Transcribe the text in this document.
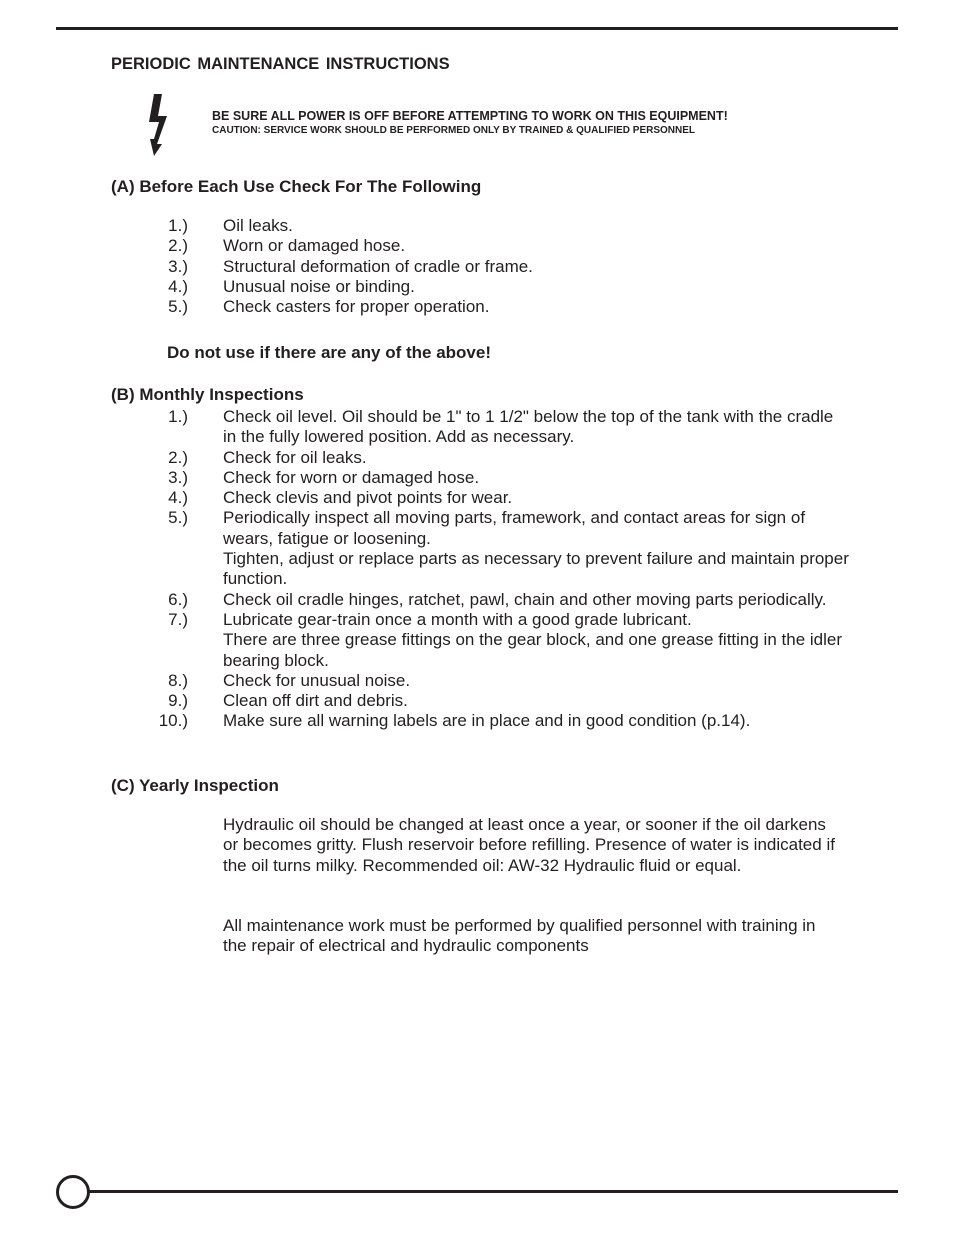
PERIODIC MAINTENANCE INSTRUCTIONS
BE SURE ALL POWER IS OFF BEFORE ATTEMPTING TO WORK ON THIS EQUIPMENT!
CAUTION: SERVICE WORK SHOULD BE PERFORMED ONLY BY TRAINED & QUALIFIED PERSONNEL
(A) Before Each Use Check For The Following
1.) Oil leaks.
2.) Worn or damaged hose.
3.) Structural deformation of cradle or frame.
4.) Unusual noise or binding.
5.) Check casters for proper operation.
Do not use if there are any of the above!
(B) Monthly Inspections
1.) Check oil level. Oil should be 1" to 1 1/2" below the top of the tank with the cradle in the fully lowered position. Add as necessary.
2.) Check for oil leaks.
3.) Check for worn or damaged hose.
4.) Check clevis and pivot points for wear.
5.) Periodically inspect all moving parts, framework, and contact areas for sign of wears, fatigue or loosening.
Tighten, adjust or replace parts as necessary to prevent failure and maintain proper function.
6.) Check oil cradle hinges, ratchet, pawl, chain and other moving parts periodically.
7.) Lubricate gear-train once a month with a good grade lubricant.
There are three grease fittings on the gear block, and one grease fitting in the idler bearing block.
8.) Check for unusual noise.
9.) Clean off dirt and debris.
10.) Make sure all warning labels are in place and in good condition (p.14).
(C) Yearly Inspection
Hydraulic oil should be changed at least once a year, or sooner if the oil darkens or becomes gritty. Flush reservoir before refilling. Presence of water is indicated if the oil turns milky. Recommended oil: AW-32 Hydraulic fluid or equal.
All maintenance work must be performed by qualified personnel with training in the repair of electrical and hydraulic components
